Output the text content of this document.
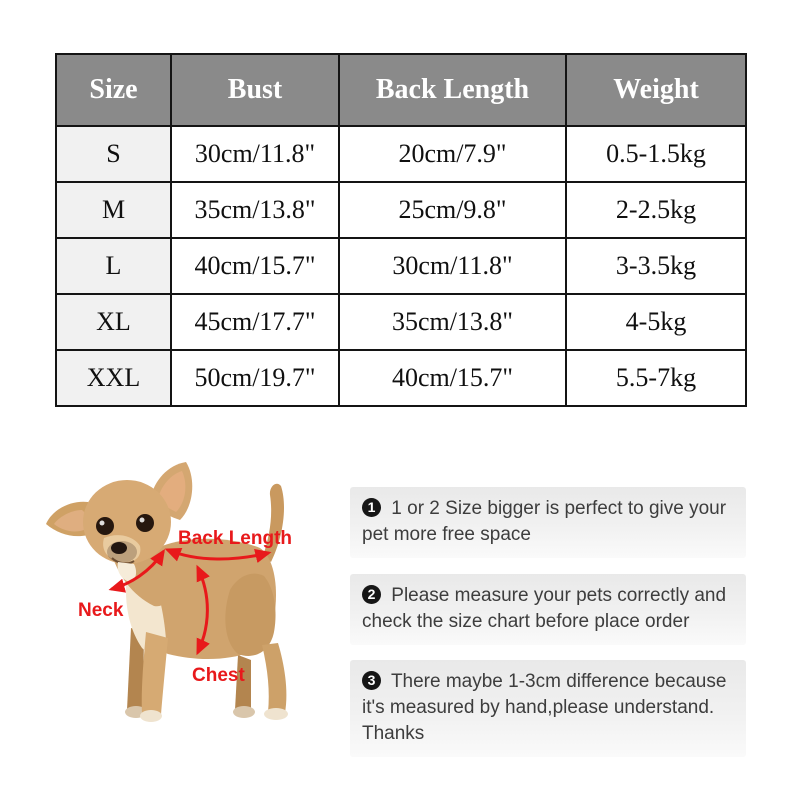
Size	Bust	Back Length	Weight
S	30cm/11.8"	20cm/7.9"	0.5-1.5kg
M	35cm/13.8"	25cm/9.8"	2-2.5kg
L	40cm/15.7"	30cm/11.8"	3-3.5kg
XL	45cm/17.7"	35cm/13.8"	4-5kg
XXL	50cm/19.7"	40cm/15.7"	5.5-7kg
Back Length
Neck
Chest
1 1 or 2 Size bigger is perfect to give your
pet more free space
2 Please measure your pets correctly and
check the size chart before place order
3 There maybe 1-3cm difference because
it's measured by hand,please understand.
Thanks
